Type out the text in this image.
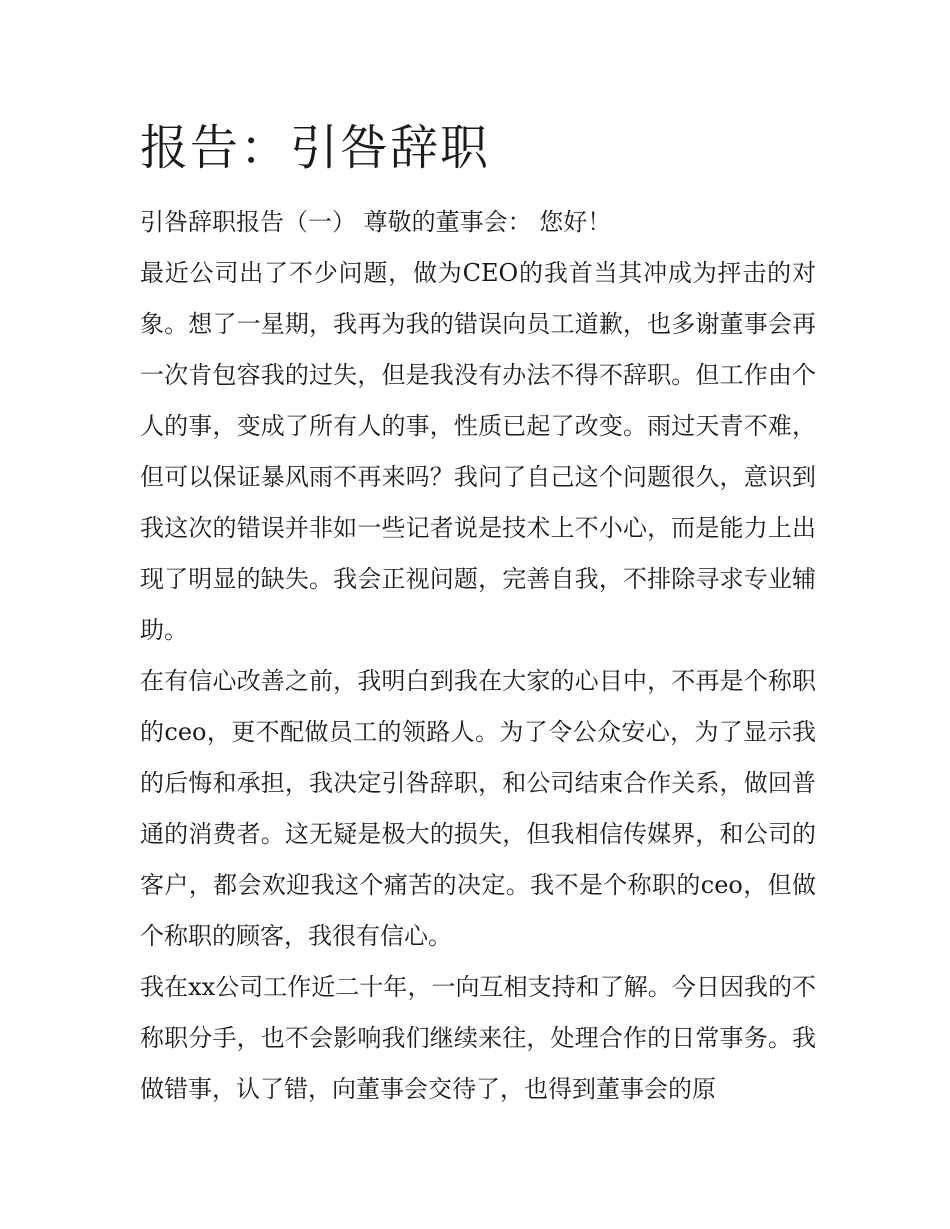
报告：引咎辞职

引咎辞职报告（一） 尊敬的董事会： 您好！

最近公司出了不少问题，做为CEO的我首当其冲成为抨击的对象。想了一星期，我再为我的错误向员工道歉，也多谢董事会再一次肯包容我的过失，但是我没有办法不得不辞职。但工作由个人的事，变成了所有人的事，性质已起了改变。雨过天青不难，但可以保证暴风雨不再来吗？我问了自己这个问题很久，意识到我这次的错误并非如一些记者说是技术上不小心，而是能力上出现了明显的缺失。我会正视问题，完善自我，不排除寻求专业辅助。

在有信心改善之前，我明白到我在大家的心目中，不再是个称职的ceo，更不配做员工的领路人。为了令公众安心，为了显示我的后悔和承担，我决定引咎辞职，和公司结束合作关系，做回普通的消费者。这无疑是极大的损失，但我相信传媒界，和公司的客户，都会欢迎我这个痛苦的决定。我不是个称职的ceo，但做个称职的顾客，我很有信心。

我在xx公司工作近二十年，一向互相支持和了解。今日因我的不称职分手，也不会影响我们继续来往，处理合作的日常事务。我做错事，认了错，向董事会交待了，也得到董事会的原
